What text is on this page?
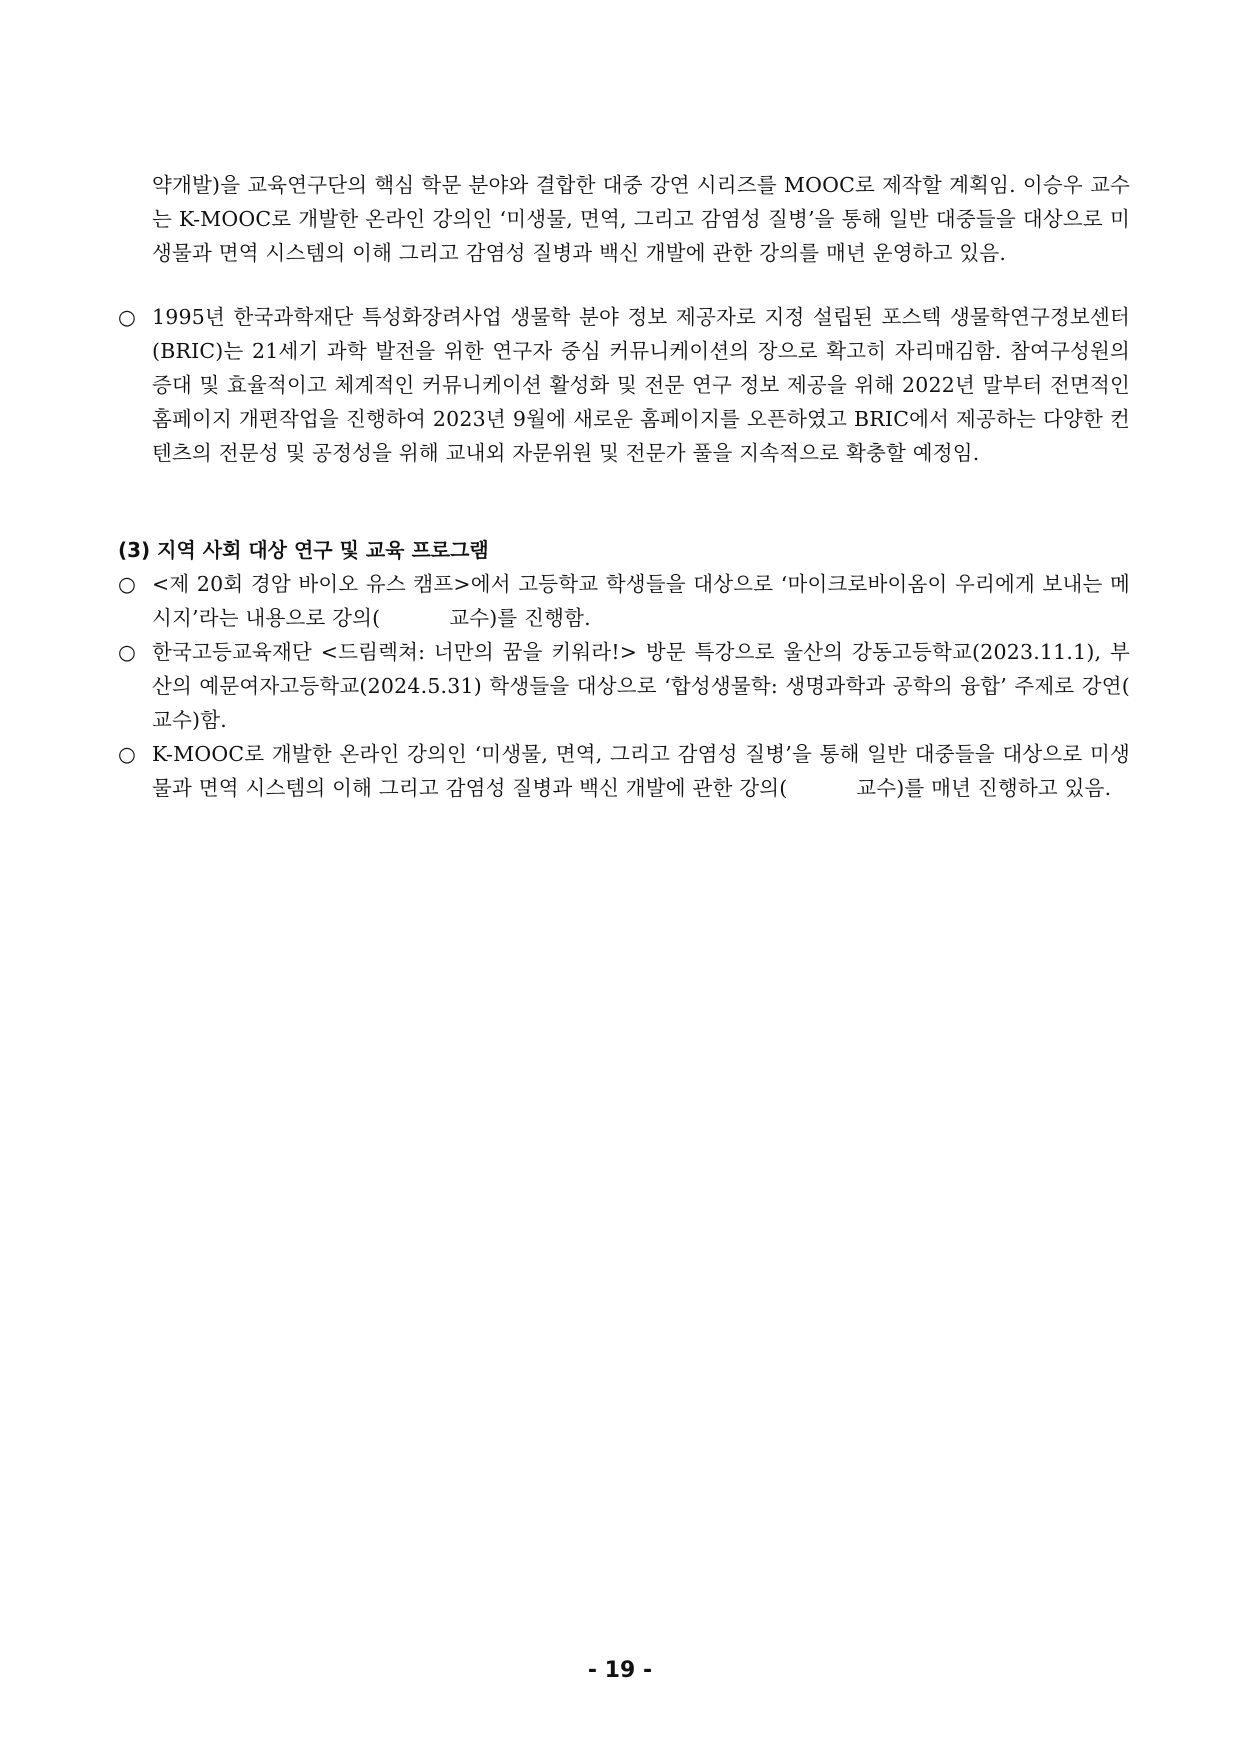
약개발)을 교육연구단의 핵심 학문 분야와 결합한 대중 강연 시리즈를 MOOC로 제작할 계획임. 이승우 교수는 K-MOOC로 개발한 온라인 강의인 ‘미생물, 면역, 그리고 감염성 질병’을 통해 일반 대중들을 대상으로 미생물과 면역 시스템의 이해 그리고 감염성 질병과 백신 개발에 관한 강의를 매년 운영하고 있음.
○ 1995년 한국과학재단 특성화장려사업 생물학 분야 정보 제공자로 지정 설립된 포스텍 생물학연구정보센터(BRIC)는 21세기 과학 발전을 위한 연구자 중심 커뮤니케이션의 장으로 확고히 자리매김함. 참여구성원의 증대 및 효율적이고 체계적인 커뮤니케이션 활성화 및 전문 연구 정보 제공을 위해 2022년 말부터 전면적인 홈페이지 개편작업을 진행하여 2023년 9월에 새로운 홈페이지를 오픈하였고 BRIC에서 제공하는 다양한 컨텐츠의 전문성 및 공정성을 위해 교내외 자문위원 및 전문가 풀을 지속적으로 확충할 예정임.

(3) 지역 사회 대상 연구 및 교육 프로그램

○ <제 20회 경암 바이오 유스 캠프>에서 고등학교 학생들을 대상으로 ‘마이크로바이옴이 우리에게 보내는 메시지’라는 내용으로 강의(　　　 교수)를 진행함.
○ 한국고등교육재단 <드림렉쳐: 너만의 꿈을 키워라!> 방문 특강으로 울산의 강동고등학교(2023.11.1), 부산의 예문여자고등학교(2024.5.31) 학생들을 대상으로 ‘합성생물학: 생명과학과 공학의 융합’ 주제로 강연(　　　 교수)함.
○ K-MOOC로 개발한 온라인 강의인 ‘미생물, 면역, 그리고 감염성 질병’을 통해 일반 대중들을 대상으로 미생물과 면역 시스템의 이해 그리고 감염성 질병과 백신 개발에 관한 강의(　　　 교수)를 매년 진행하고 있음.
- 19 -
